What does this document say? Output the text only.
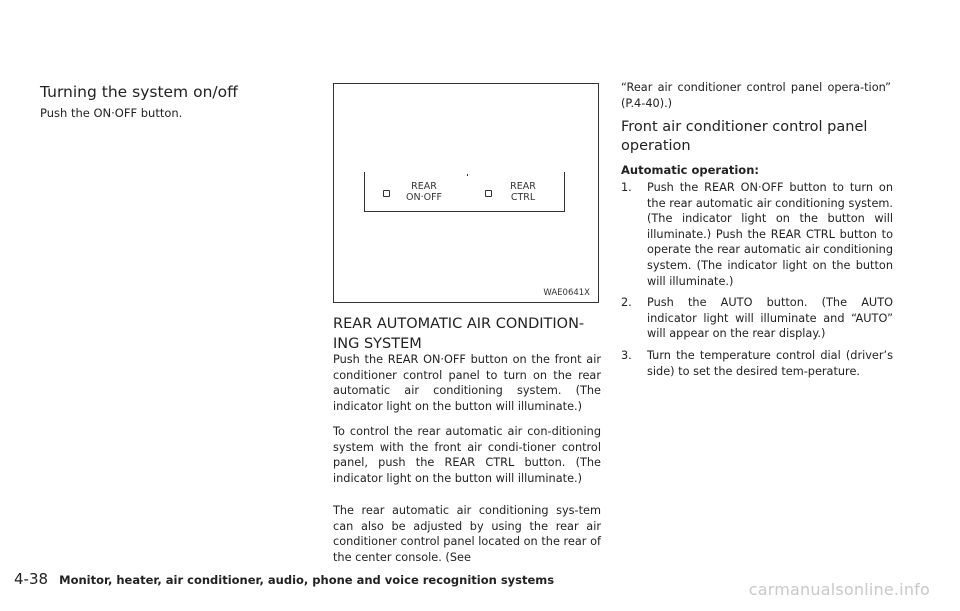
Turning the system on/off

Push the ON·OFF button.

REAR
ON·OFF
REAR
CTRL
WAE0641X
REAR AUTOMATIC AIR CONDITION-
ING SYSTEM

Push the REAR ON·OFF button on the front air conditioner control panel to turn on the rear automatic air conditioning system. (The indicator light on the button will illuminate.)

To control the rear automatic air con-ditioning system with the front air condi-tioner control panel, push the REAR CTRL button. (The indicator light on the button will illuminate.)

The rear automatic air conditioning sys-tem can also be adjusted by using the rear air conditioner control panel located on the rear of the center console. (See

“Rear air conditioner control panel opera-tion” (P.4-40).)

Front air conditioner control panel
operation

Automatic operation:

1. Push the REAR ON·OFF button to turn on the rear automatic air conditioning system. (The indicator light on the button will illuminate.) Push the REAR CTRL button to operate the rear automatic air conditioning system. (The indicator light on the button will illuminate.)
2. Push the AUTO button. (The AUTO indicator light will illuminate and “AUTO” will appear on the rear display.)
3. Turn the temperature control dial (driver’s side) to set the desired tem-perature.
4-38 Monitor, heater, air conditioner, audio, phone and voice recognition systems	carmanualsonline.info
